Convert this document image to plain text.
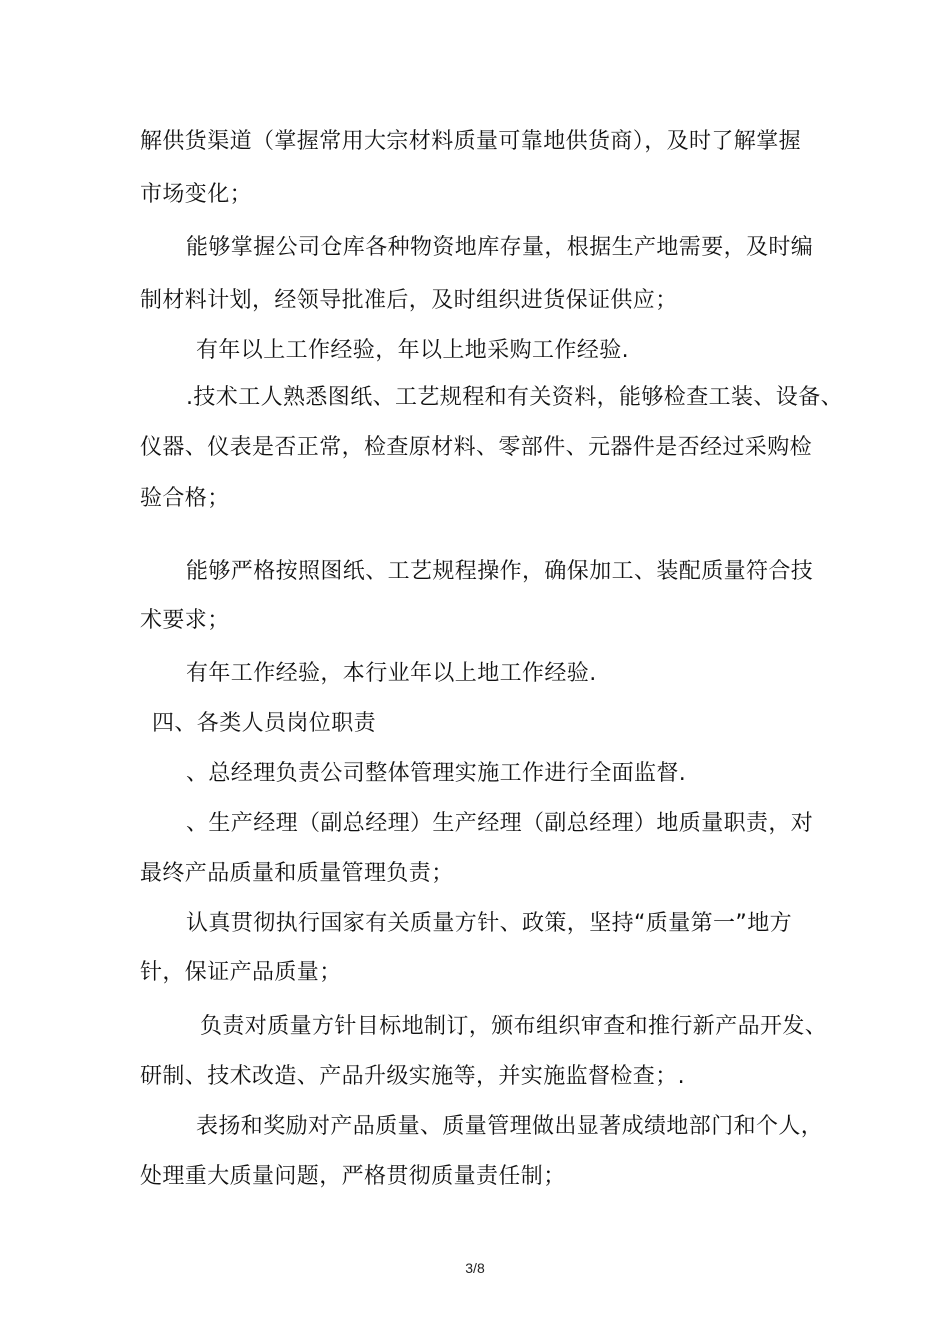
解供货渠道（掌握常用大宗材料质量可靠地供货商），及时了解掌握
市场变化；
能够掌握公司仓库各种物资地库存量，根据生产地需要，及时编
制材料计划，经领导批准后，及时组织进货保证供应；
有年以上工作经验，年以上地采购工作经验.
.技术工人熟悉图纸、工艺规程和有关资料，能够检查工装、设备、
仪器、仪表是否正常，检查原材料、零部件、元器件是否经过采购检
验合格；
能够严格按照图纸、工艺规程操作，确保加工、装配质量符合技
术要求；
有年工作经验，本行业年以上地工作经验.
四、各类人员岗位职责
、总经理负责公司整体管理实施工作进行全面监督.
、生产经理（副总经理）生产经理（副总经理）地质量职责，对
最终产品质量和质量管理负责；
认真贯彻执行国家有关质量方针、政策，坚持“质量第一”地方
针，保证产品质量；
负责对质量方针目标地制订，颁布组织审查和推行新产品开发、
研制、技术改造、产品升级实施等，并实施监督检查；.
表扬和奖励对产品质量、质量管理做出显著成绩地部门和个人，
处理重大质量问题，严格贯彻质量责任制；
3/8
